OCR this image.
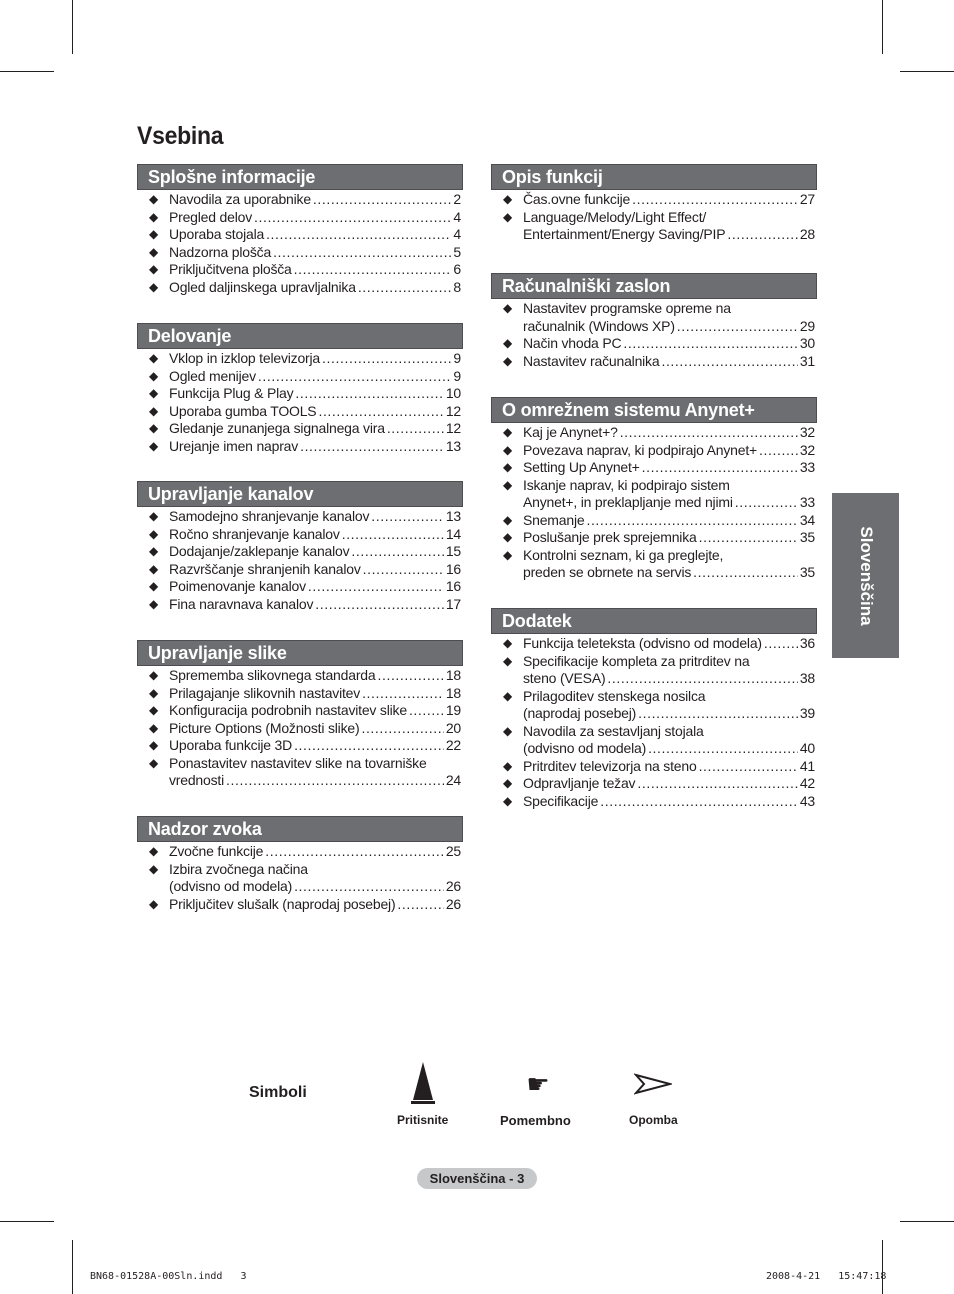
Vsebina
Splošne informacije
◆ Navodila za uporabnike .....	2
◆ Pregled delov .....	4
◆ Uporaba stojala .....	4
◆ Nadzorna plošča .....	5
◆ Priključitvena plošča .....	6
◆ Ogled daljinskega upravljalnika .....	8
Delovanje
◆ Vklop in izklop televizorja .....	9
◆ Ogled menijev .....	9
◆ Funkcija Plug & Play .....	10
◆ Uporaba gumba TOOLS .....	12
◆ Gledanje zunanjega signalnega vira .....	12
◆ Urejanje imen naprav .....	13
Upravljanje kanalov
◆ Samodejno shranjevanje kanalov .....	13
◆ Ročno shranjevanje kanalov .....	14
◆ Dodajanje/zaklepanje kanalov .....	15
◆ Razvrščanje shranjenih kanalov .....	16
◆ Poimenovanje kanalov .....	16
◆ Fina naravnava kanalov .....	17
Upravljanje slike
◆ Sprememba slikovnega standarda .....	18
◆ Prilagajanje slikovnih nastavitev .....	18
◆ Konfiguracija podrobnih nastavitev slike .....	19
◆ Picture Options (Možnosti slike) .....	20
◆ Uporaba funkcije 3D .....	22
◆ Ponastavitev nastavitev slike na tovarniške
vrednosti .....	24
Nadzor zvoka
◆ Zvočne funkcije .....	25
◆ Izbira zvočnega načina
(odvisno od modela) .....	26
◆ Priključitev slušalk (naprodaj posebej) .....	26
Opis funkcij
◆ Čas.ovne funkcije .....	27
◆ Language/Melody/Light Effect/
Entertainment/Energy Saving/PIP .....	28
Računalniški zaslon
◆ Nastavitev programske opreme na
računalnik (Windows XP) .....	29
◆ Način vhoda PC .....	30
◆ Nastavitev računalnika .....	31
O omrežnem sistemu Anynet+
◆ Kaj je Anynet+? .....	32
◆ Povezava naprav, ki podpirajo Anynet+ .....	32
◆ Setting Up Anynet+ .....	33
◆ Iskanje naprav, ki podpirajo sistem
Anynet+, in preklapljanje med njimi .....	33
◆ Snemanje .....	34
◆ Poslušanje prek sprejemnika .....	35
◆ Kontrolni seznam, ki ga preglejte,
preden se obrnete na servis .....	35
Dodatek
◆ Funkcija teleteksta (odvisno od modela) .....	36
◆ Specifikacije kompleta za pritrditev na
steno (VESA) .....	38
◆ Prilagoditev stenskega nosilca
(naprodaj posebej) .....	39
◆ Navodila za sestavljanj stojala
(odvisno od modela) .....	40
◆ Pritrditev televizorja na steno .....	41
◆ Odpravljanje težav .....	42
◆ Specifikacije .....	43
Slovenščina
Simboli
Pritisnite
☛
Pomembno	Opomba
Slovenščina - 3
BN68-01528A-00Sln.indd   3	2008-4-21   15:47:18
